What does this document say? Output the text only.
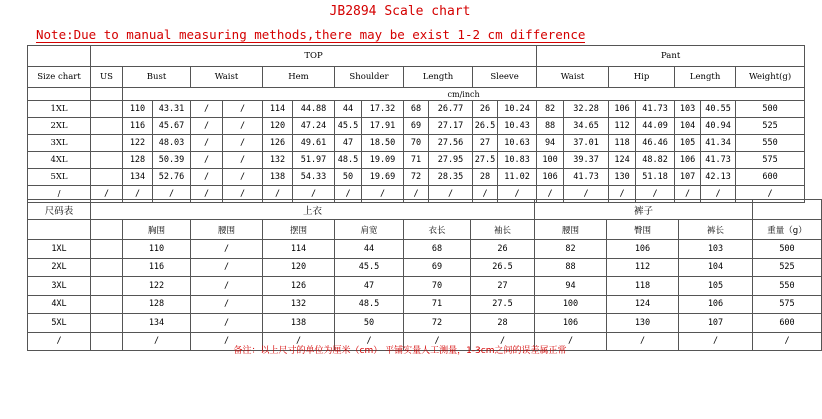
JB2894 Scale chart
Note:Due to manual measuring methods,there may be exist 1-2 cm difference
	TOP													Pant						
Size chart	US	Bust		Waist		Hem		Shoulder		Length		Sleeve		Waist		Hip		Length		Weight(g)
		cm/inch																		
1XL		110	43.31	/	/	114	44.88	44	17.32	68	26.77	26	10.24	82	32.28	106	41.73	103	40.55	500
2XL		116	45.67	/	/	120	47.24	45.5	17.91	69	27.17	26.5	10.43	88	34.65	112	44.09	104	40.94	525
3XL		122	48.03	/	/	126	49.61	47	18.50	70	27.56	27	10.63	94	37.01	118	46.46	105	41.34	550
4XL		128	50.39	/	/	132	51.97	48.5	19.09	71	27.95	27.5	10.83	100	39.37	124	48.82	106	41.73	575
5XL		134	52.76	/	/	138	54.33	50	19.69	72	28.35	28	11.02	106	41.73	130	51.18	107	42.13	600
/	/	/	/	/	/	/	/	/	/	/	/	/	/	/	/	/	/	/	/	/
尺码表	上衣							裤子			
		胸围	腰围	摆围	肩宽	衣长	袖长	腰围	臀围	裤长	重量（g）
1XL		110	/	114	44	68	26	82	106	103	500
2XL		116	/	120	45.5	69	26.5	88	112	104	525
3XL		122	/	126	47	70	27	94	118	105	550
4XL		128	/	132	48.5	71	27.5	100	124	106	575
5XL		134	/	138	50	72	28	106	130	107	600
/		/	/	/	/	/	/	/	/	/	/
备注：以上尺寸的单位为厘米（cm） 平铺实量人工测量，1-3cm之间的误差属正常
